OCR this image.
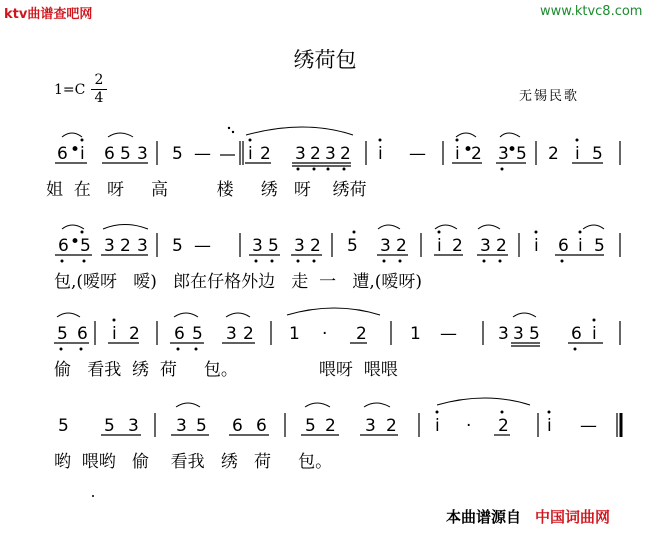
ktv曲谱查吧网	www.ktvc8.com
绣荷包
1=C
2
4	无锡民歌
6 • i 6 5 3 5 — i 2 3 2 3 2 i — i •
2 3
•
5 2 i 5
姐  在   呀     高         楼     绣   呀    绣荷
6 • 5 3 2 3 5 — 3 5 3 2 5 3 2 i 2 3 2 i 6 i 5
包,(嗳呀   嗳)   郎在仔格外边   走  一   遭,(嗳呀)
5 6 i 2 6 5 3 2 1 · 2	1 — 3 3 5 6 i
偷   看我  绣  荷     包。               喂呀  喂喂
5 5 3 3 5 6 6 5 2 3 2 i · 2 i —
哟  喂哟   偷    看我   绣   荷     包。
本曲谱源自 中国词曲网
